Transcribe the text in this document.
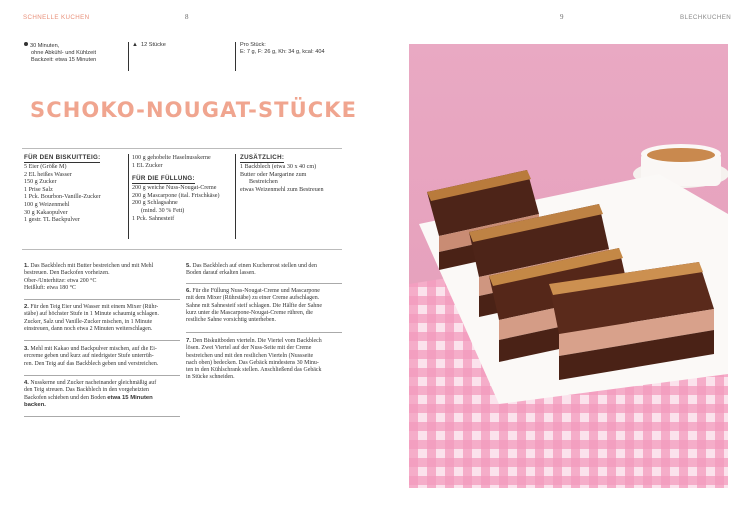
SCHNELLE KUCHEN	8	9	BLECHKUCHEN
30 Minuten,
ohne Abkühl- und Kühlzeit
Backzeit: etwa 15 Minuten
▲ 12 Stücke	Pro Stück:
E: 7 g, F: 26 g, Kh: 34 g, kcal: 404
SCHOKO-NOUGAT-STÜCKE
FÜR DEN BISKUITTEIG:
5 Eier (Größe M)
2 EL heißes Wasser
150 g Zucker
1 Prise Salz
1 Pck. Bourbon-Vanille-Zucker
100 g Weizenmehl
30 g Kakaopulver
1 gestr. TL Backpulver
100 g gehobelte Haselnusskerne
1 EL Zucker
FÜR DIE FÜLLUNG:
200 g weiche Nuss-Nougat-Creme
200 g Mascarpone (ital. Frischkäse)
200 g Schlagsahne
(mind. 30 % Fett)
1 Pck. Sahnesteif
ZUSÄTZLICH:
1 Backblech (etwa 30 x 40 cm)
Butter oder Margarine zum
Bestreichen
etwas Weizenmehl zum Bestreuen
1. Das Backblech mit Butter bestreichen und mit Mehl
bestreuen. Den Backofen vorheizen.
Ober-/Unterhitze: etwa 200 °C
Heißluft: etwa 180 °C
2. Für den Teig Eier und Wasser mit einem Mixer (Rühr-
stäbe) auf höchster Stufe in 1 Minute schaumig schlagen.
Zucker, Salz und Vanille-Zucker mischen, in 1 Minute
einstreuen, dann noch etwa 2 Minuten weiterschlagen.
3. Mehl mit Kakao und Backpulver mischen, auf die Ei-
ercreme geben und kurz auf niedrigster Stufe unterrüh-
ren. Den Teig auf das Backblech geben und verstreichen.
4. Nusskerne und Zucker nacheinander gleichmäßig auf
den Teig streuen. Das Backblech in den vorgeheizten
Backofen schieben und den Boden etwa 15 Minuten
backen.
5. Das Backblech auf einen Kuchenrost stellen und den
Boden darauf erkalten lassen.
6. Für die Füllung Nuss-Nougat-Creme und Mascarpone
mit dem Mixer (Rührstäbe) zu einer Creme aufschlagen.
Sahne mit Sahnesteif steif schlagen. Die Hälfte der Sahne
kurz unter die Mascarpone-Nougat-Creme rühren, die
restliche Sahne vorsichtig unterheben.
7. Den Biskuitboden vierteln. Die Viertel vom Backblech
lösen. Zwei Viertel auf der Nuss-Seite mit der Creme
bestreichen und mit den restlichen Vierteln (Nussseite
nach oben) bedecken. Das Gebäck mindestens 30 Minu-
ten in den Kühlschrank stellen. Anschließend das Gebäck
in Stücke schneiden.
